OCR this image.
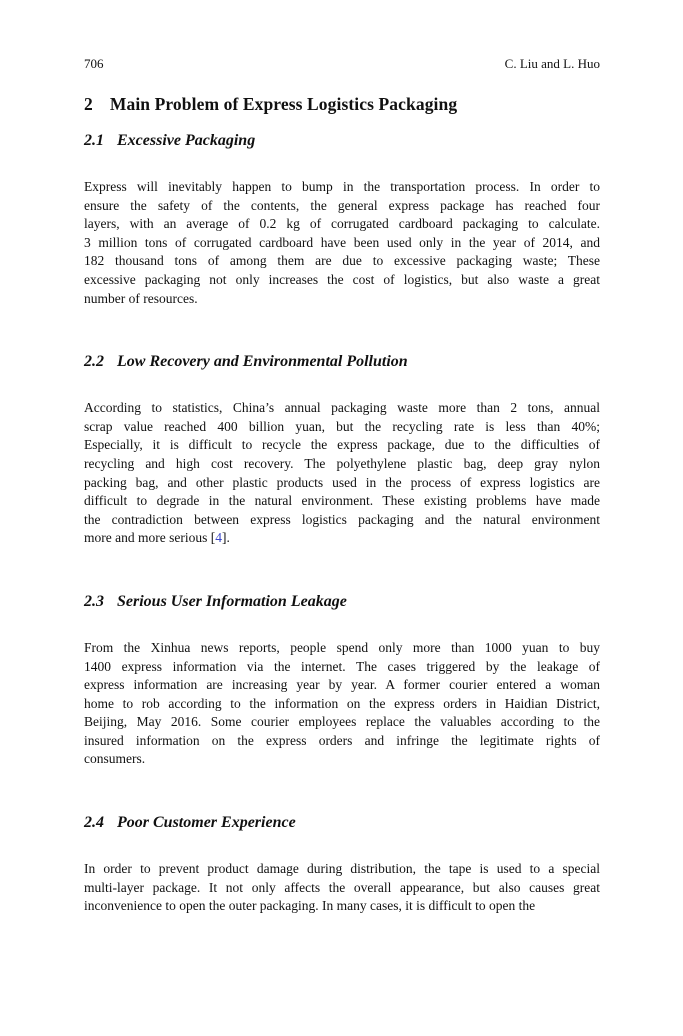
706	C. Liu and L. Huo
2 Main Problem of Express Logistics Packaging
2.1 Excessive Packaging

Express will inevitably happen to bump in the transportation process. In order to
ensure the safety of the contents, the general express package has reached four
layers, with an average of 0.2 kg of corrugated cardboard packaging to calculate.
3 million tons of corrugated cardboard have been used only in the year of 2014, and
182 thousand tons of among them are due to excessive packaging waste; These
excessive packaging not only increases the cost of logistics, but also waste a great
number of resources.

2.2 Low Recovery and Environmental Pollution

According to statistics, China’s annual packaging waste more than 2 tons, annual
scrap value reached 400 billion yuan, but the recycling rate is less than 40%;
Especially, it is difficult to recycle the express package, due to the difficulties of
recycling and high cost recovery. The polyethylene plastic bag, deep gray nylon
packing bag, and other plastic products used in the process of express logistics are
difficult to degrade in the natural environment. These existing problems have made
the contradiction between express logistics packaging and the natural environment
more and more serious [4].

2.3 Serious User Information Leakage

From the Xinhua news reports, people spend only more than 1000 yuan to buy
1400 express information via the internet. The cases triggered by the leakage of
express information are increasing year by year. A former courier entered a woman
home to rob according to the information on the express orders in Haidian District,
Beijing, May 2016. Some courier employees replace the valuables according to the
insured information on the express orders and infringe the legitimate rights of
consumers.

2.4 Poor Customer Experience

In order to prevent product damage during distribution, the tape is used to a special
multi-layer package. It not only affects the overall appearance, but also causes great
inconvenience to open the outer packaging. In many cases, it is difficult to open the
